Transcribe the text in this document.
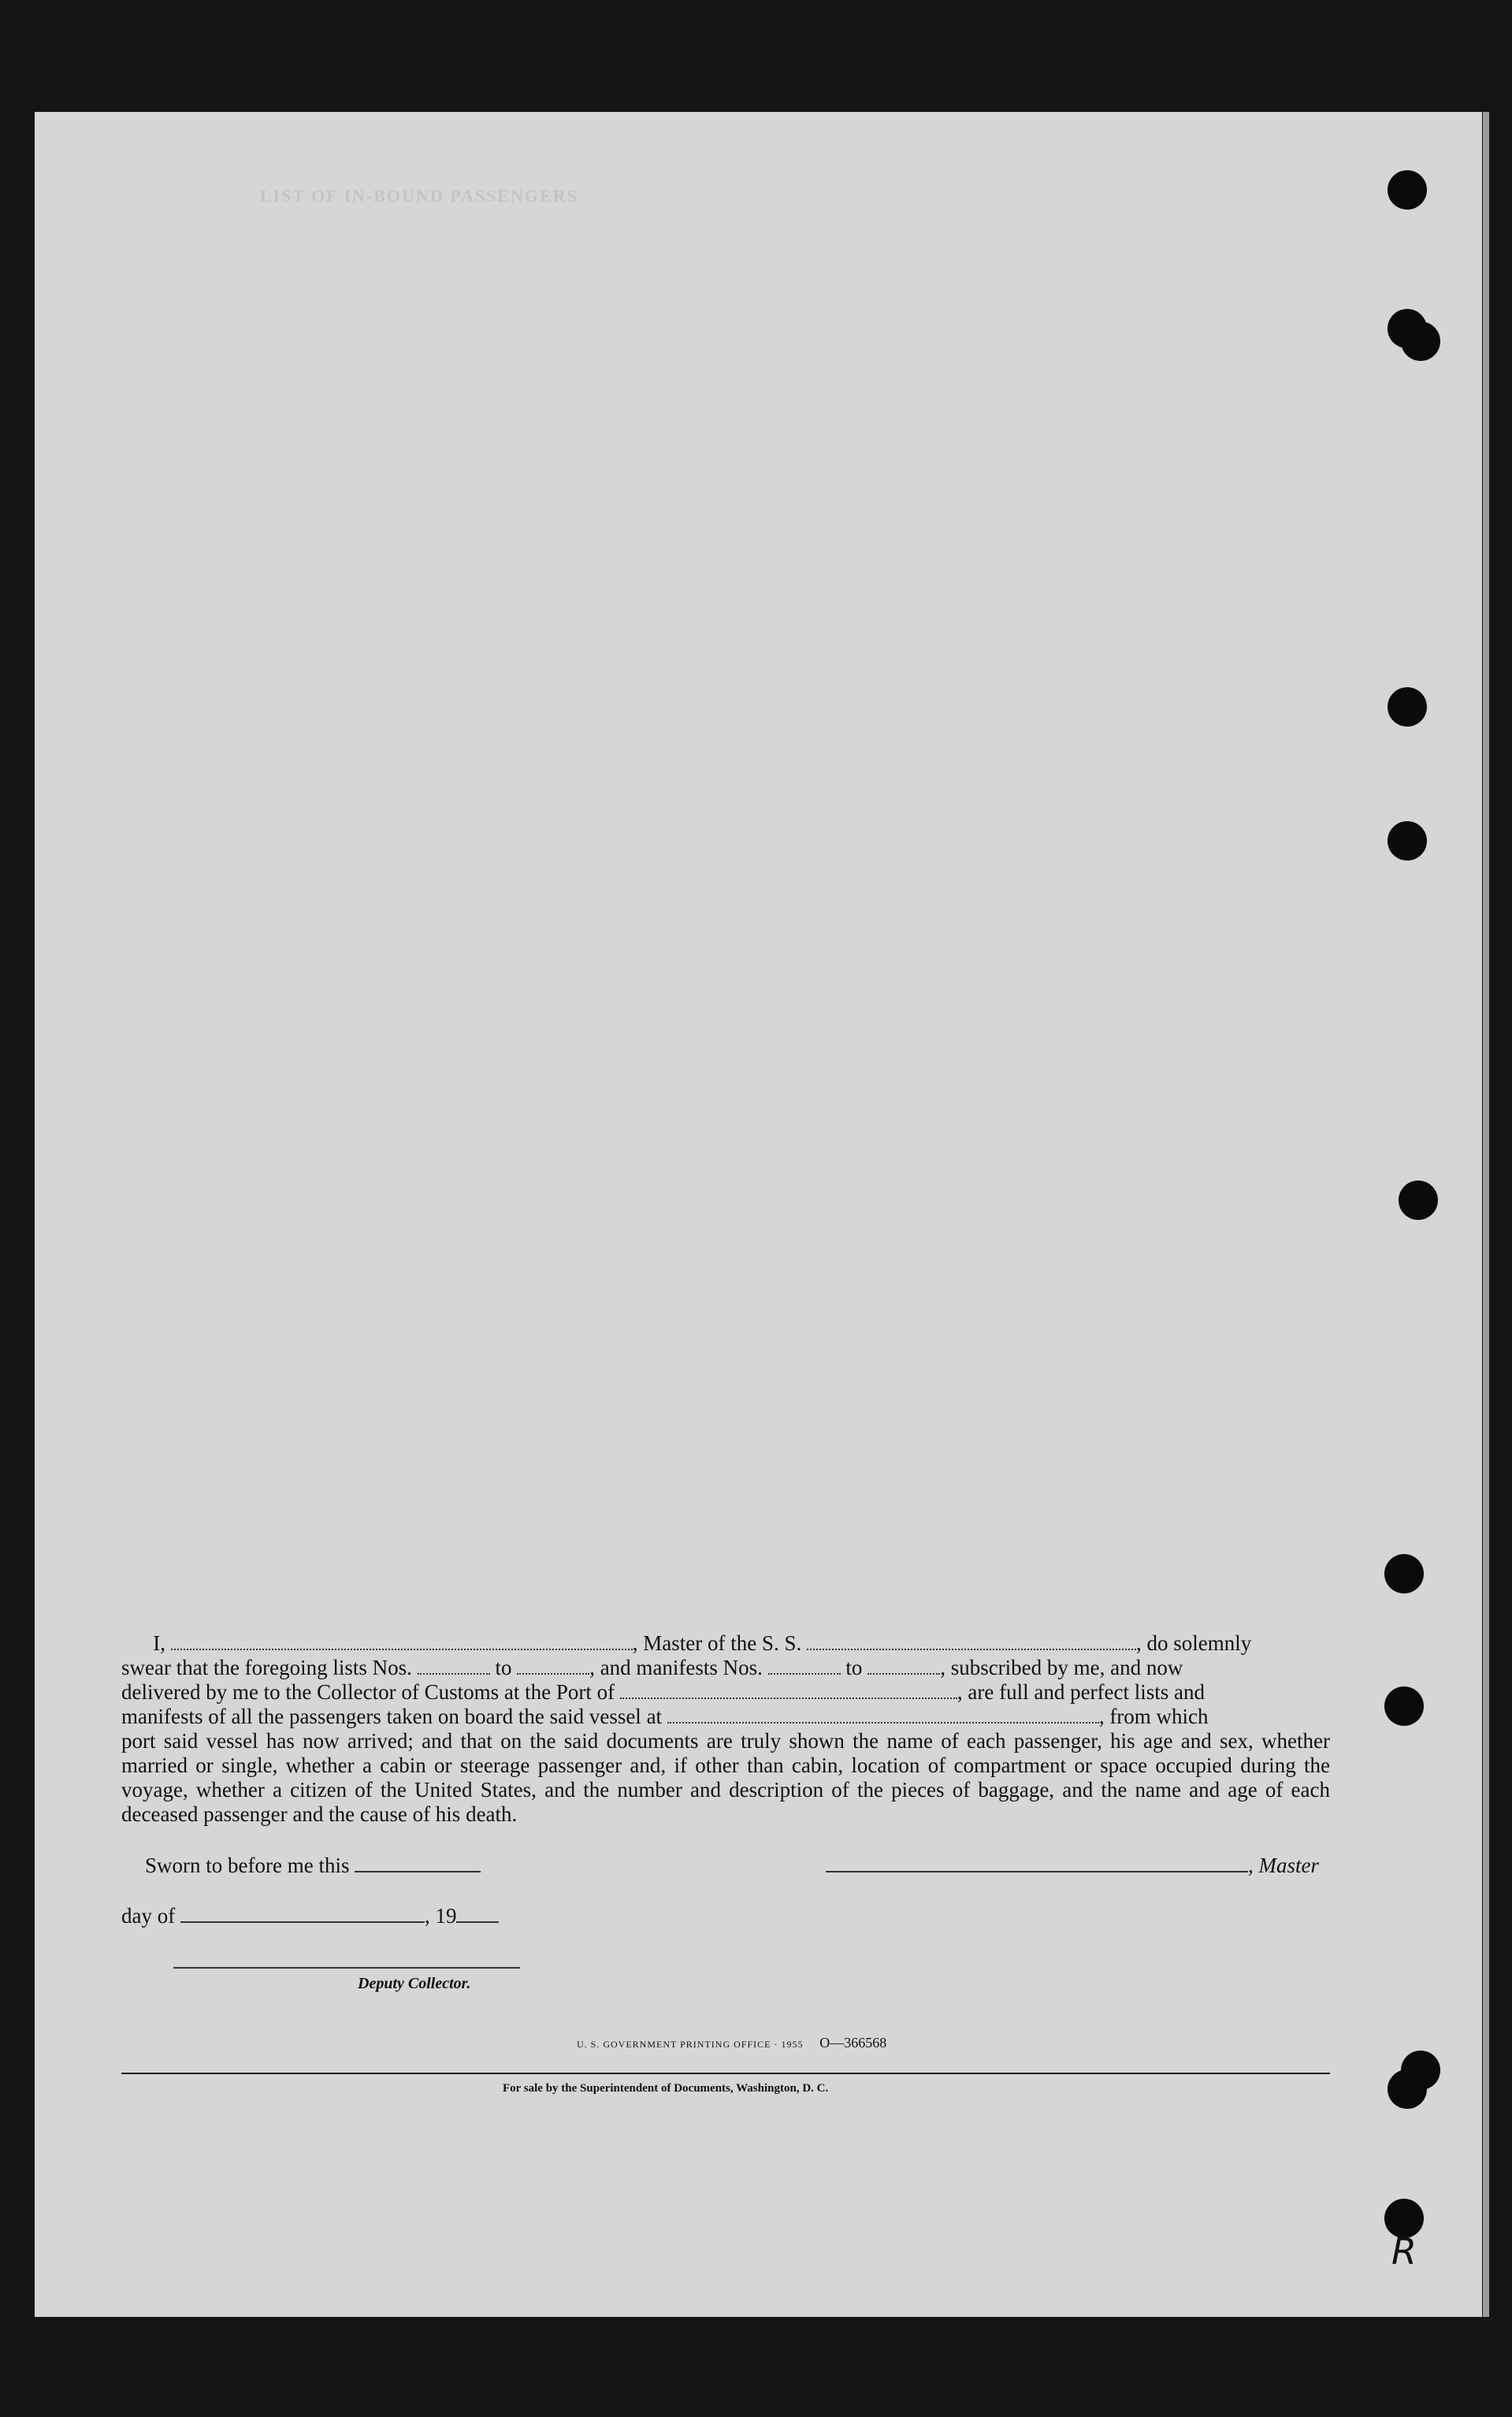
LIST OF IN-BOUND PASSENGERS

I,	, Master of the S. S.	, do solemnly

swear that the foregoing lists Nos.	to	, and manifests Nos.	to	, subscribed by me, and now

delivered by me to the Collector of Customs at the Port of	, are full and perfect lists and

manifests of all the passengers taken on board the said vessel at	, from which

port said vessel has now arrived; and that on the said documents are truly shown the name of each passenger, his age and sex, whether married or single, whether a cabin or steerage passenger and, if other than cabin, location of compartment or space occupied during the voyage, whether a citizen of the United States, and the number and description of the pieces of baggage, and the name and age of each deceased passenger and the cause of his death.

Sworn to before me this	, Master
day of	, 19
Deputy Collector.
U. S. GOVERNMENT PRINTING OFFICE · 1955 O—366568
For sale by the Superintendent of Documents, Washington, D. C.
R
